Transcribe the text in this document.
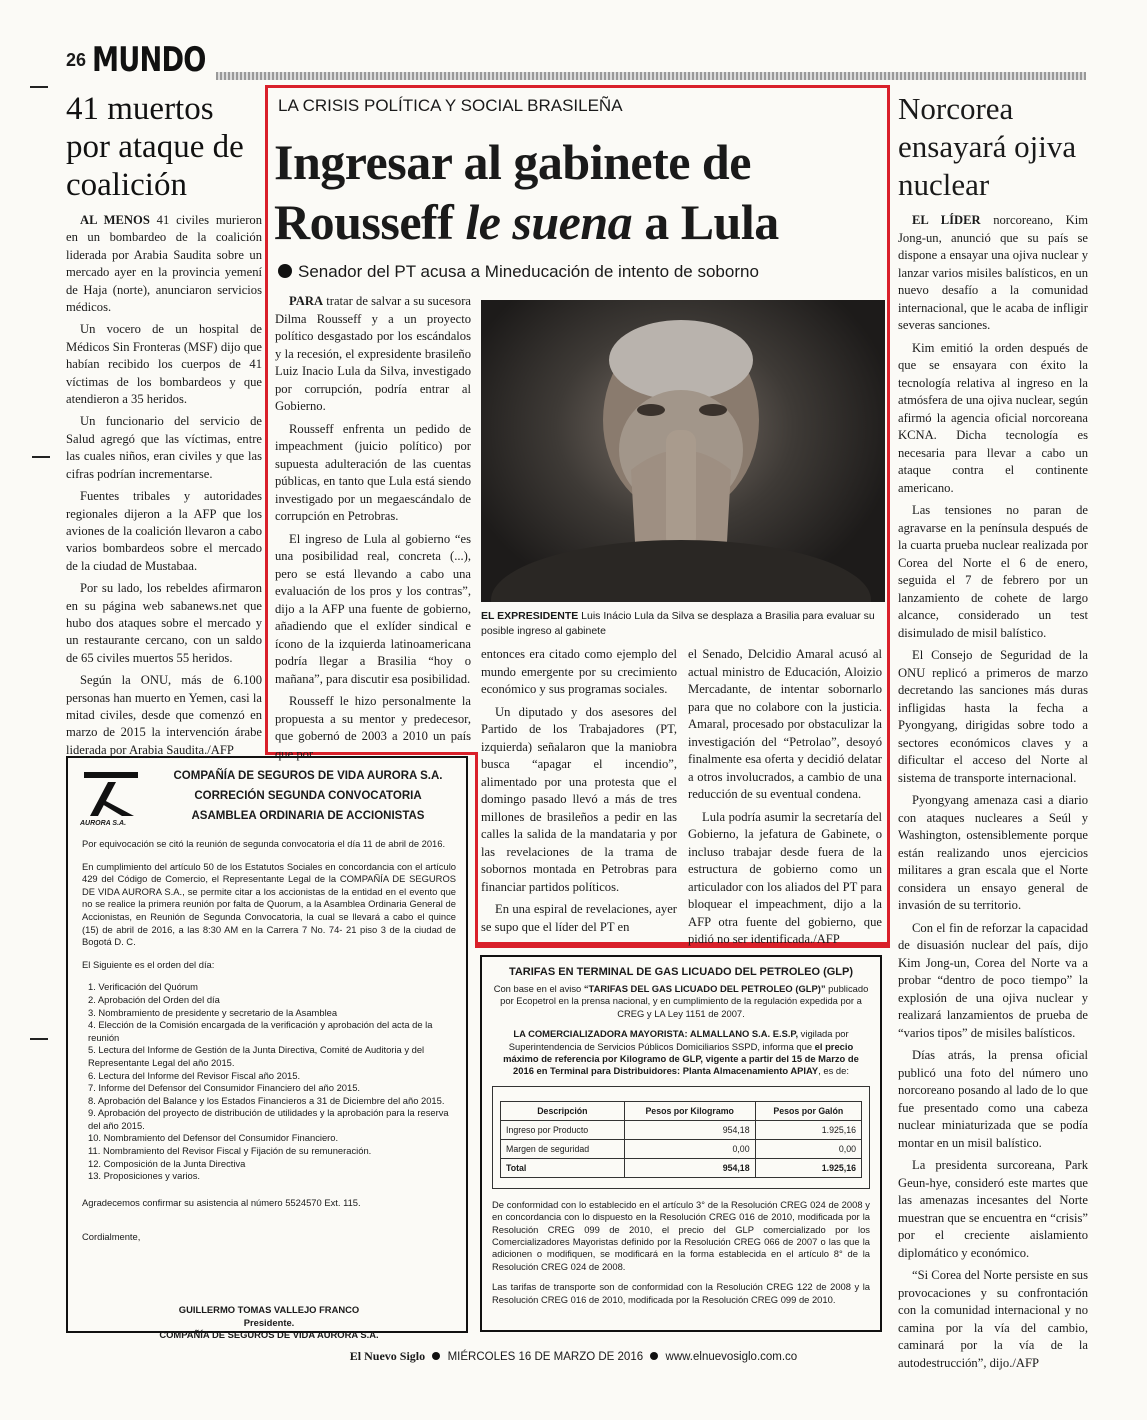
26 MUNDO
41 muertos por ataque de coalición

AL MENOS 41 civiles murieron en un bombardeo de la coalición liderada por Arabia Saudita sobre un mercado ayer en la provincia yemení de Haja (norte), anunciaron servicios médicos.

Un vocero de un hospital de Médicos Sin Fronteras (MSF) dijo que habían recibido los cuerpos de 41 víctimas de los bombardeos y que atendieron a 35 heridos.

Un funcionario del servicio de Salud agregó que las víctimas, entre las cuales niños, eran civiles y que las cifras podrían incrementarse.

Fuentes tribales y autoridades regionales dijeron a la AFP que los aviones de la coalición llevaron a cabo varios bombardeos sobre el mercado de la ciudad de Mustabaa.

Por su lado, los rebeldes afirmaron en su página web sabanews.net que hubo dos ataques sobre el mercado y un restaurante cercano, con un saldo de 65 civiles muertos 55 heridos.

Según la ONU, más de 6.100 personas han muerto en Yemen, casi la mitad civiles, desde que comenzó en marzo de 2015 la intervención árabe liderada por Arabia Saudita./AFP

LA CRISIS POLÍTICA Y SOCIAL BRASILEÑA
Ingresar al gabinete de Rousseff le suena a Lula
Senador del PT acusa a Mineducación de intento de soborno
EL EXPRESIDENTE Luis Inácio Lula da Silva se desplaza a Brasilia para evaluar su posible ingreso al gabinete

PARA tratar de salvar a su sucesora Dilma Rousseff y a un proyecto político desgastado por los escándalos y la recesión, el expresidente brasileño Luiz Inacio Lula da Silva, investigado por corrupción, podría entrar al Gobierno.

Rousseff enfrenta un pedido de impeachment (juicio político) por supuesta adulteración de las cuentas públicas, en tanto que Lula está siendo investigado por un megaescándalo de corrupción en Petrobras.

El ingreso de Lula al gobierno “es una posibilidad real, concreta (...), pero se está llevando a cabo una evaluación de los pros y los contras”, dijo a la AFP una fuente de gobierno, añadiendo que el exlíder sindical e ícono de la izquierda latinoamericana podría llegar a Brasilia “hoy o mañana”, para discutir esa posibilidad.

Rousseff le hizo personalmente la propuesta a su mentor y predecesor, que gobernó de 2003 a 2010 un país que por

entonces era citado como ejemplo del mundo emergente por su crecimiento económico y sus programas sociales.

Un diputado y dos asesores del Partido de los Trabajadores (PT, izquierda) señalaron que la maniobra busca “apagar el incendio”, alimentado por una protesta que el domingo pasado llevó a más de tres millones de brasileños a pedir en las calles la salida de la mandataria y por las revelaciones de la trama de sobornos montada en Petrobras para financiar partidos políticos.

En una espiral de revelaciones, ayer se supo que el líder del PT en

el Senado, Delcidio Amaral acusó al actual ministro de Educación, Aloizio Mercadante, de intentar sobornarlo para que no colabore con la justicia. Amaral, procesado por obstaculizar la investigación del “Petrolao”, desoyó finalmente esa oferta y decidió delatar a otros involucrados, a cambio de una reducción de su eventual condena.

Lula podría asumir la secretaría del Gobierno, la jefatura de Gabinete, o incluso trabajar desde fuera de la estructura de gobierno como un articulador con los aliados del PT para bloquear el impeachment, dijo a la AFP otra fuente del gobierno, que pidió no ser identificada./AFP

Norcorea ensayará ojiva nuclear

EL LÍDER norcoreano, Kim Jong-un, anunció que su país se dispone a ensayar una ojiva nuclear y lanzar varios misiles balísticos, en un nuevo desafío a la comunidad internacional, que le acaba de infligir severas sanciones.

Kim emitió la orden después de que se ensayara con éxito la tecnología relativa al ingreso en la atmósfera de una ojiva nuclear, según afirmó la agencia oficial norcoreana KCNA. Dicha tecnología es necesaria para llevar a cabo un ataque contra el continente americano.

Las tensiones no paran de agravarse en la península después de la cuarta prueba nuclear realizada por Corea del Norte el 6 de enero, seguida el 7 de febrero por un lanzamiento de cohete de largo alcance, considerado un test disimulado de misil balístico.

El Consejo de Seguridad de la ONU replicó a primeros de marzo decretando las sanciones más duras infligidas hasta la fecha a Pyongyang, dirigidas sobre todo a sectores económicos claves y a dificultar el acceso del Norte al sistema de transporte internacional.

Pyongyang amenaza casi a diario con ataques nucleares a Seúl y Washington, ostensiblemente porque están realizando unos ejercicios militares a gran escala que el Norte considera un ensayo general de invasión de su territorio.

Con el fin de reforzar la capacidad de disuasión nuclear del país, dijo Kim Jong-un, Corea del Norte va a probar “dentro de poco tiempo” la explosión de una ojiva nuclear y realizará lanzamientos de prueba de “varios tipos” de misiles balísticos.

Días atrás, la prensa oficial publicó una foto del número uno norcoreano posando al lado de lo que fue presentado como una cabeza nuclear miniaturizada que se podía montar en un misil balístico.

La presidenta surcoreana, Park Geun-hye, consideró este martes que las amenazas incesantes del Norte muestran que se encuentra en “crisis” por el creciente aislamiento diplomático y económico.

“Si Corea del Norte persiste en sus provocaciones y su confrontación con la comunidad internacional y no camina por la vía del cambio, caminará por la vía de la autodestrucción”, dijo./AFP

AURORA S.A.
COMPAÑÍA DE SEGUROS DE VIDA AURORA S.A.
CORRECIÓN SEGUNDA CONVOCATORIA
ASAMBLEA ORDINARIA DE ACCIONISTAS

Por equivocación se citó la reunión de segunda convocatoria el día 11 de abril de 2016.

En cumplimiento del artículo 50 de los Estatutos Sociales en concordancia con el artículo 429 del Código de Comercio, el Representante Legal de la COMPAÑÍA DE SEGUROS DE VIDA AURORA S.A., se permite citar a los accionistas de la entidad en el evento que no se realice la primera reunión por falta de Quorum, a la Asamblea Ordinaria General de Accionistas, en Reunión de Segunda Convocatoria, la cual se llevará a cabo el quince (15) de abril de 2016, a las 8:30 AM en la Carrera 7 No. 74- 21 piso 3 de la ciudad de Bogotá D. C.

El Siguiente es el orden del día:

1. Verificación del Quórum
2. Aprobación del Orden del día
3. Nombramiento de presidente y secretario de la Asamblea
4. Elección de la Comisión encargada de la verificación y aprobación del acta de la reunión
5. Lectura del Informe de Gestión de la Junta Directiva, Comité de Auditoria y del Representante Legal del año 2015.
6. Lectura del Informe del Revisor Fiscal año 2015.
7. Informe del Defensor del Consumidor Financiero del año 2015.
8. Aprobación del Balance y los Estados Financieros a 31 de Diciembre del año 2015.
9. Aprobación del proyecto de distribución de utilidades y la aprobación para la reserva del año 2015.
10. Nombramiento del Defensor del Consumidor Financiero.
11. Nombramiento del Revisor Fiscal y Fijación de su remuneración.
12. Composición de la Junta Directiva
13. Proposiciones y varios.

Agradecemos confirmar su asistencia al número 5524570 Ext. 115.

Cordialmente,

GUILLERMO TOMAS VALLEJO FRANCO
Presidente.
COMPAÑÍA DE SEGUROS DE VIDA AURORA S.A.
TARIFAS EN TERMINAL DE GAS LICUADO DEL PETROLEO (GLP)

Con base en el aviso “TARIFAS DEL GAS LICUADO DEL PETROLEO (GLP)” publicado por Ecopetrol en la prensa nacional, y en cumplimiento de la regulación expedida por a CREG y LA Ley 1151 de 2007.

LA COMERCIALIZADORA MAYORISTA: ALMALLANO S.A. E.S.P, vigilada por Superintendencia de Servicios Públicos Domiciliarios SSPD, informa que el precio máximo de referencia por Kilogramo de GLP, vigente a partir del 15 de Marzo de 2016 en Terminal para Distribuidores: Planta Almacenamiento APIAY, es de:

Descripción	Pesos por Kilogramo	Pesos por Galón
Ingreso por Producto	954,18	1.925,16
Margen de seguridad	0,00	0,00
Total	954,18	1.925,16

De conformidad con lo establecido en el artículo 3° de la Resolución CREG 024 de 2008 y en concordancia con lo dispuesto en la Resolución CREG 016 de 2010, modificada por la Resolución CREG 099 de 2010, el precio del GLP comercializado por los Comercializadores Mayoristas definido por la Resolución CREG 066 de 2007 o las que la adicionen o modifiquen, se modificará en la forma establecida en el artículo 8° de la Resolución CREG 024 de 2008.

Las tarifas de transporte son de conformidad con la Resolución CREG 122 de 2008 y la Resolución CREG 016 de 2010, modificada por la Resolución CREG 099 de 2010.

El Nuevo Siglo MIÉRCOLES 16 DE MARZO DE 2016 www.elnuevosiglo.com.co
